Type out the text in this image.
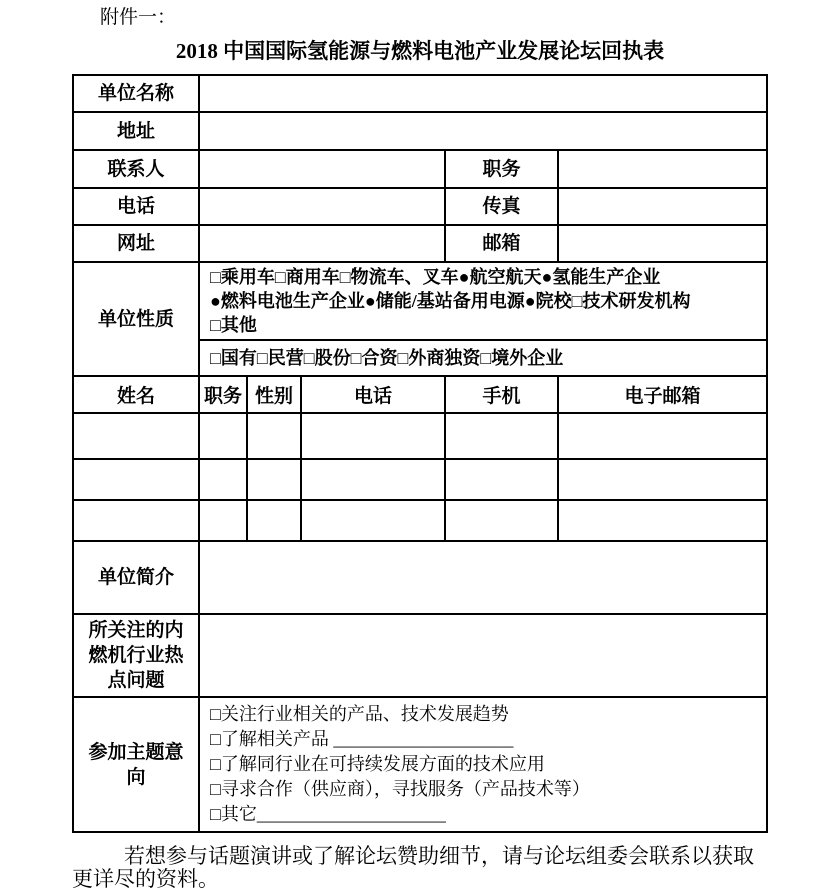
附件一：
2018 中国国际氢能源与燃料电池产业发展论坛回执表
单位名称					
地址					
联系人				职务	
电话				传真	
网址				邮箱	
单位性质	□乘用车□商用车□物流车、叉车●航空航天●氢能生产企业
●燃料电池生产企业●储能/基站备用电源●院校□技术研发机构
□其他				

	□国有□民营□股份□合资□外商独资□境外企业				
姓名	职务	性别	电话	手机	电子邮箱

单位简介					
所关注的内燃机行业热点问题					
参加主题意向	□关注行业相关的产品、技术发展趋势
□了解相关产品 ____________________
□了解同行业在可持续发展方面的技术应用
□寻求合作（供应商），寻找服务（产品技术等）
□其它_____________________				

若想参与话题演讲或了解论坛赞助细节，请与论坛组委会联系以获取更详尽的资料。
